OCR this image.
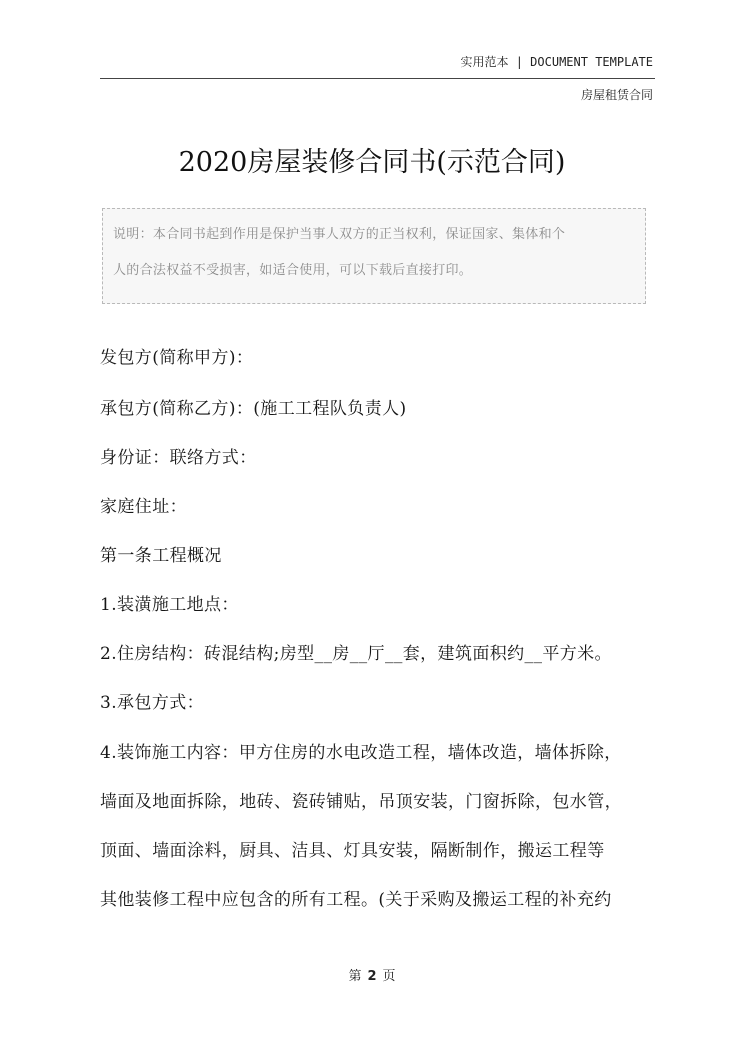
实用范本 | DOCUMENT TEMPLATE
房屋租赁合同
2020房屋装修合同书(示范合同)
说明：本合同书起到作用是保护当事人双方的正当权利，保证国家、集体和个
人的合法权益不受损害，如适合使用，可以下载后直接打印。
发包方(简称甲方)：
承包方(简称乙方)：(施工工程队负责人)
身份证：联络方式：
家庭住址：
第一条工程概况
1.装潢施工地点：
2.住房结构：砖混结构;房型__房__厅__套，建筑面积约__平方米。
3.承包方式：
4.装饰施工内容：甲方住房的水电改造工程，墙体改造，墙体拆除，
墙面及地面拆除，地砖、瓷砖铺贴，吊顶安装，门窗拆除，包水管，
顶面、墙面涂料，厨具、洁具、灯具安装，隔断制作，搬运工程等
其他装修工程中应包含的所有工程。(关于采购及搬运工程的补充约
第 2 页
